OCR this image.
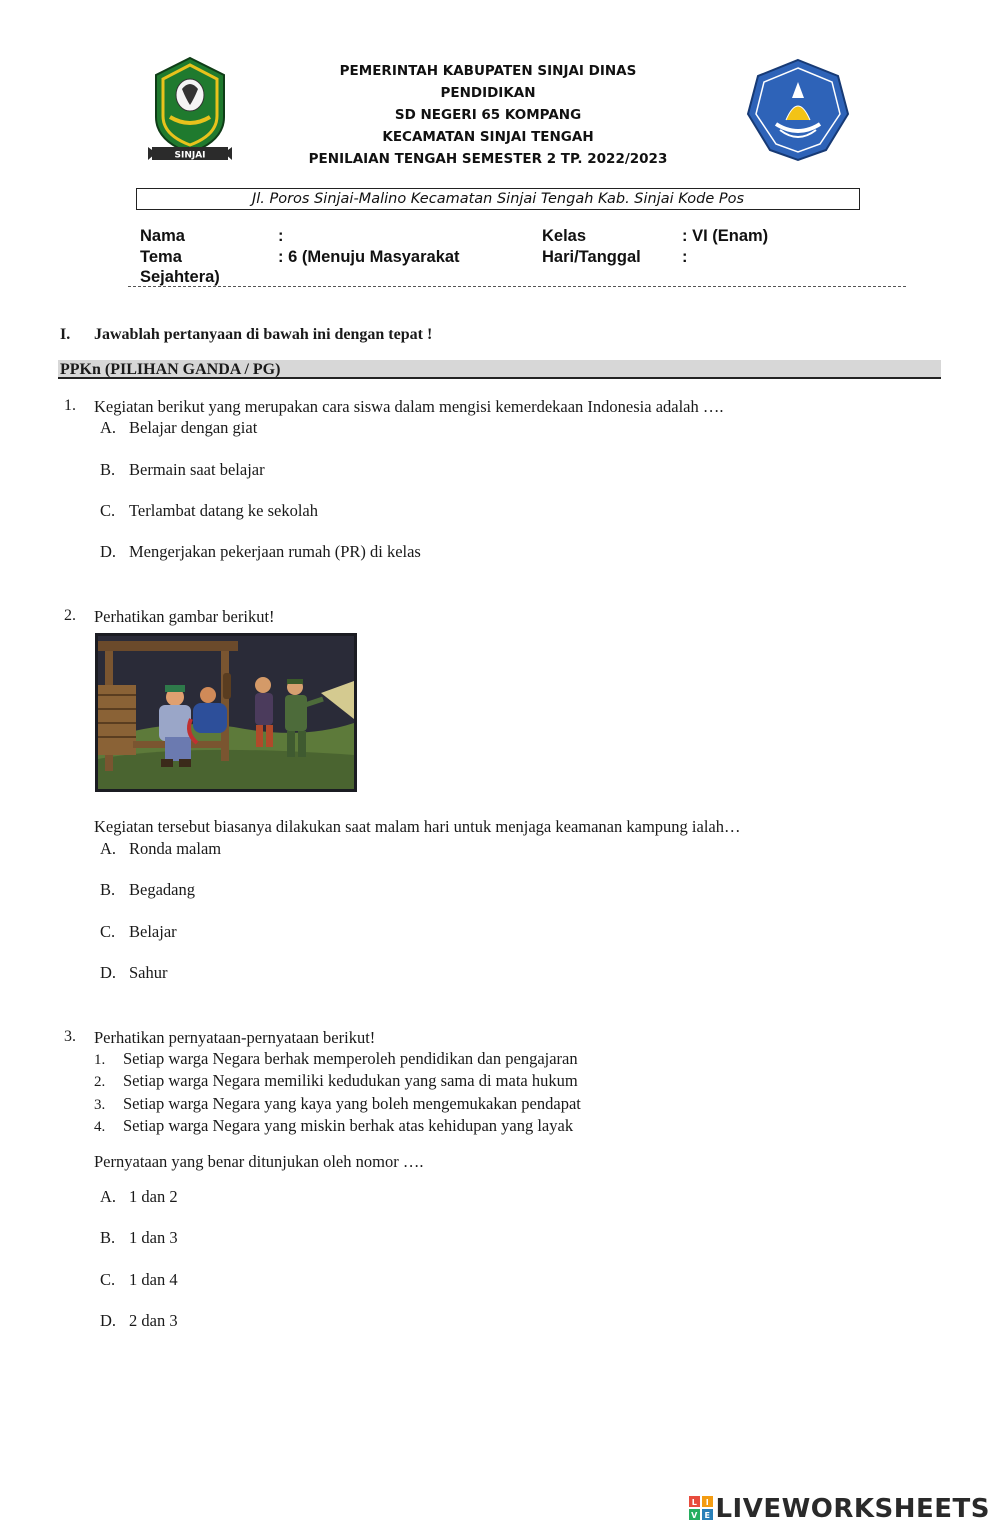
SINJAI
PEMERINTAH KABUPATEN SINJAI DINAS
PENDIDIKAN
SD NEGERI 65 KOMPANG
KECAMATAN SINJAI TENGAH
PENILAIAN TENGAH SEMESTER 2 TP. 2022/2023
Jl. Poros Sinjai-Malino Kecamatan Sinjai Tengah Kab. Sinjai Kode Pos
Nama	:	Kelas	: VI (Enam)
Tema	: 6 (Menuju Masyarakat	Hari/Tanggal	:
Sejahtera)
I. Jawablah pertanyaan di bawah ini dengan tepat !
PPKn (PILIHAN GANDA / PG)
1. Kegiatan berikut yang merupakan cara siswa dalam mengisi kemerdekaan Indonesia adalah ….
A. Belajar dengan giat
B. Bermain saat belajar
C. Terlambat datang ke sekolah
D. Mengerjakan pekerjaan rumah (PR) di kelas
2. Perhatikan gambar berikut!
Kegiatan tersebut biasanya dilakukan saat malam hari untuk menjaga keamanan kampung ialah…
A. Ronda malam
B. Begadang
C. Belajar
D. Sahur
3. Perhatikan pernyataan-pernyataan berikut!
1. Setiap warga Negara berhak memperoleh pendidikan dan pengajaran
2. Setiap warga Negara memiliki kedudukan yang sama di mata hukum
3. Setiap warga Negara yang kaya yang boleh mengemukakan pendapat
4. Setiap warga Negara yang miskin berhak atas kehidupan yang layak
Pernyataan yang benar ditunjukan oleh nomor ….
A. 1 dan 2
B. 1 dan 3
C. 1 dan 4
D. 2 dan 3
L I
V E LIVEWORKSHEETS
